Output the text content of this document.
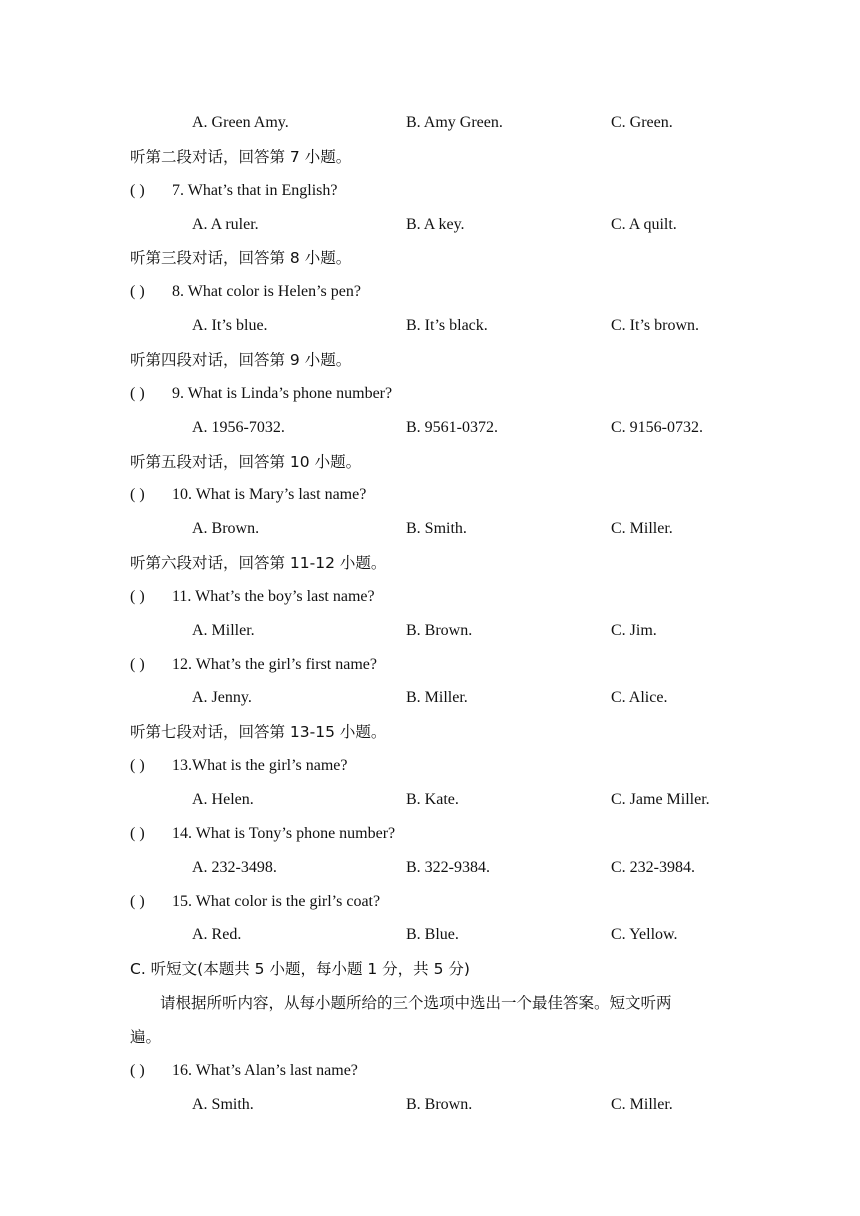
A. Green Amy.	B. Amy Green.	C. Green.
听第二段对话，回答第 7 小题。
( ) 7. What’s that in English?
A. A ruler.	B. A key.	C. A quilt.
听第三段对话，回答第 8 小题。
( ) 8. What color is Helen’s pen?
A. It’s blue.	B. It’s black.	C. It’s brown.
听第四段对话，回答第 9 小题。
( ) 9. What is Linda’s phone number?
A. 1956-7032.	B. 9561-0372.	C. 9156-0732.
听第五段对话，回答第 10 小题。
( ) 10. What is Mary’s last name?
A. Brown.	B. Smith.	C. Miller.
听第六段对话，回答第 11-12 小题。
( ) 11. What’s the boy’s last name?
A. Miller.	B. Brown.	C. Jim.
( ) 12. What’s the girl’s first name?
A. Jenny.	B. Miller.	C. Alice.
听第七段对话，回答第 13-15 小题。
( ) 13.What is the girl’s name?
A. Helen.	B. Kate.	C. Jame Miller.
( ) 14. What is Tony’s phone number?
A. 232-3498.	B. 322-9384.	C. 232-3984.
( ) 15. What color is the girl’s coat?
A. Red.	B. Blue.	C. Yellow.
C. 听短文(本题共 5 小题，每小题 1 分，共 5 分)
请根据所听内容，从每小题所给的三个选项中选出一个最佳答案。短文听两
遍。
( ) 16. What’s Alan’s last name?
A. Smith.	B. Brown.	C. Miller.
